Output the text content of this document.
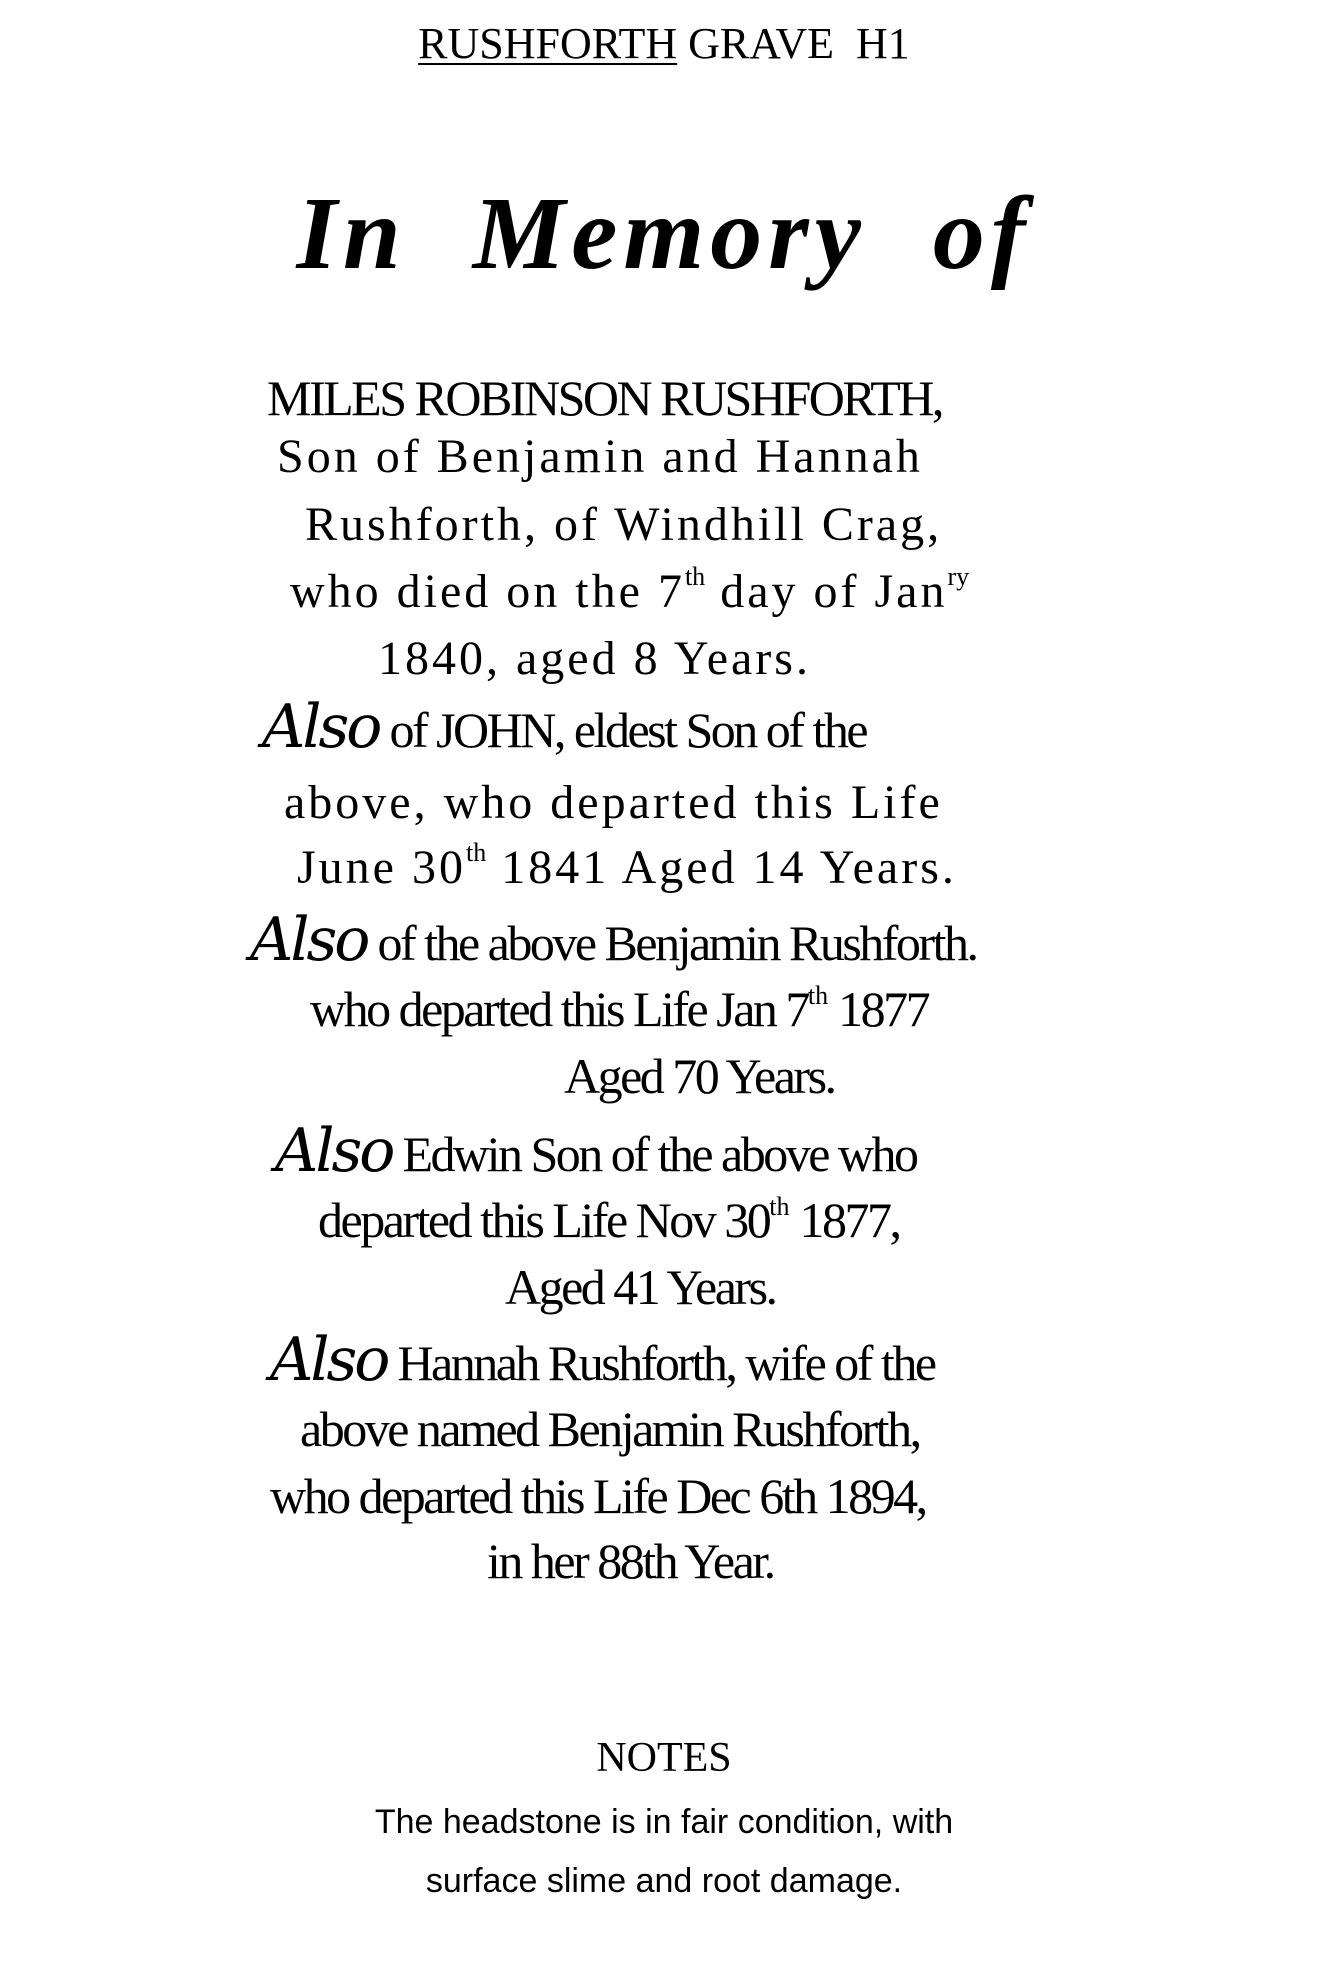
RUSHFORTH GRAVE  H1
In Memory of
MILES ROBINSON RUSHFORTH,
Son of Benjamin and Hannah
Rushforth, of Windhill Crag,
who died on the 7th day of Jan$^{ry}$
1840, aged 8 Years.
Also of JOHN, eldest Son of the
above, who departed this Life
June 30th 1841 Aged 14 Years.
Also of the above Benjamin Rushforth.
who departed this Life Jan 7th 1877
Aged 70 Years.
Also Edwin Son of the above who
departed this Life Nov 30th 1877,
Aged 41 Years.
Also Hannah Rushforth, wife of the
above named Benjamin Rushforth,
who departed this Life Dec 6th 1894,
in her 88th Year.
NOTES
The headstone is in fair condition, with
surface slime and root damage.
